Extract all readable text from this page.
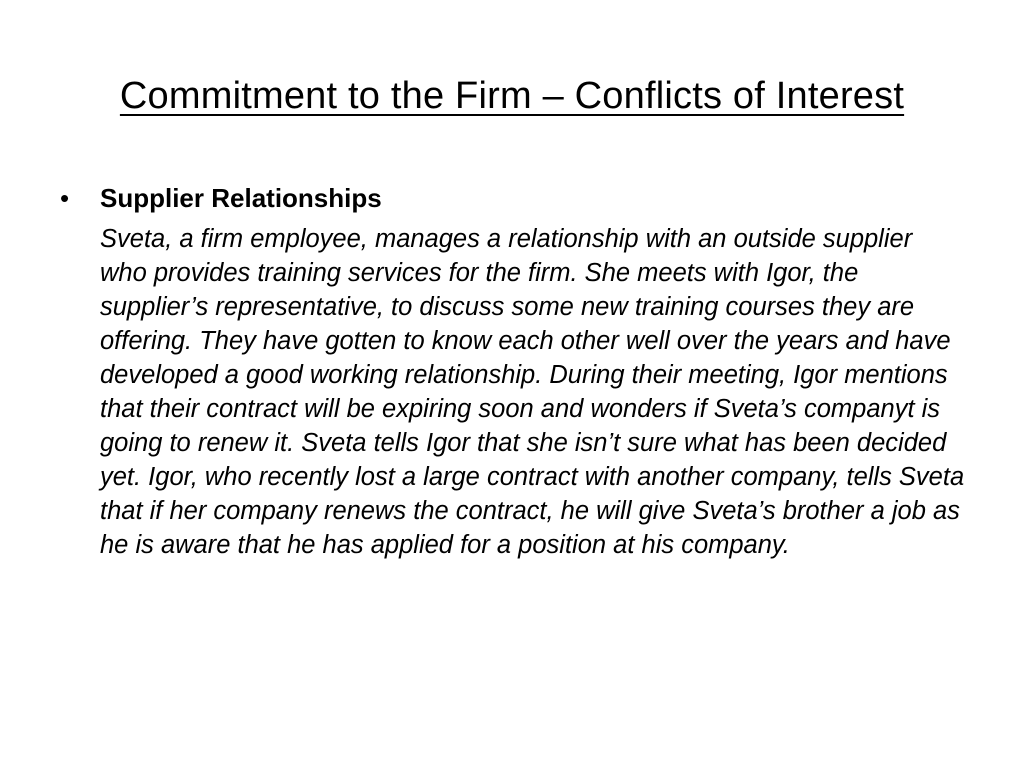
Commitment to the Firm – Conflicts of Interest
• Supplier Relationships
Sveta, a firm employee, manages a relationship with an outside supplier who provides training services for the firm. She meets with Igor, the supplier’s representative, to discuss some new training courses they are offering. They have gotten to know each other well over the years and have developed a good working relationship. During their meeting, Igor mentions that their contract will be expiring soon and wonders if Sveta’s companyt is going to renew it. Sveta tells Igor that she isn’t sure what has been decided yet. Igor, who recently lost a large contract with another company, tells Sveta that if her company renews the contract, he will give Sveta’s brother a job as he is aware that he has applied for a position at his company.
